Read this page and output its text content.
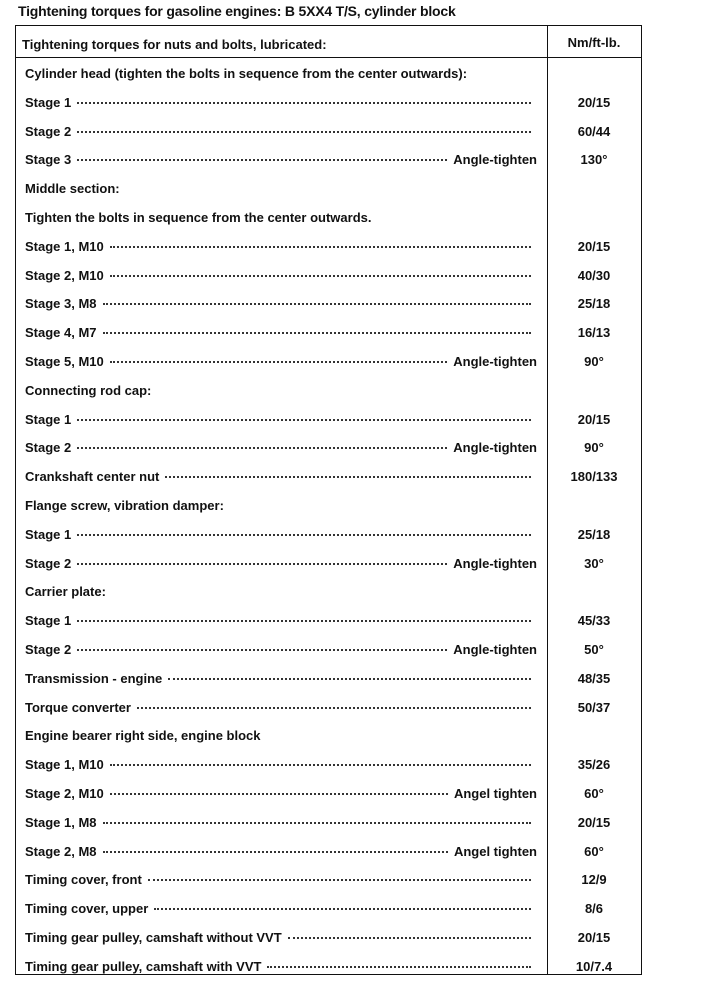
Tightening torques for gasoline engines: B 5XX4 T/S, cylinder block
Tightening torques for nuts and bolts, lubricated:	Nm/ft-lb.
Cylinder head (tighten the bolts in sequence from the center outwards):
Stage 1	20/15
Stage 2	60/44
Stage 3	Angle-tighten	130°
Middle section:
Tighten the bolts in sequence from the center outwards.
Stage 1, M10	20/15
Stage 2, M10	40/30
Stage 3, M8	25/18
Stage 4, M7	16/13
Stage 5, M10	Angle-tighten	90°
Connecting rod cap:
Stage 1	20/15
Stage 2	Angle-tighten	90°
Crankshaft center nut	180/133
Flange screw, vibration damper:
Stage 1	25/18
Stage 2	Angle-tighten	30°
Carrier plate:
Stage 1	45/33
Stage 2	Angle-tighten	50°
Transmission - engine	48/35
Torque converter	50/37
Engine bearer right side, engine block
Stage 1, M10	35/26
Stage 2, M10	Angel tighten	60°
Stage 1, M8	20/15
Stage 2, M8	Angel tighten	60°
Timing cover, front	12/9
Timing cover, upper	8/6
Timing gear pulley, camshaft without VVT	20/15
Timing gear pulley, camshaft with VVT	10/7.4
